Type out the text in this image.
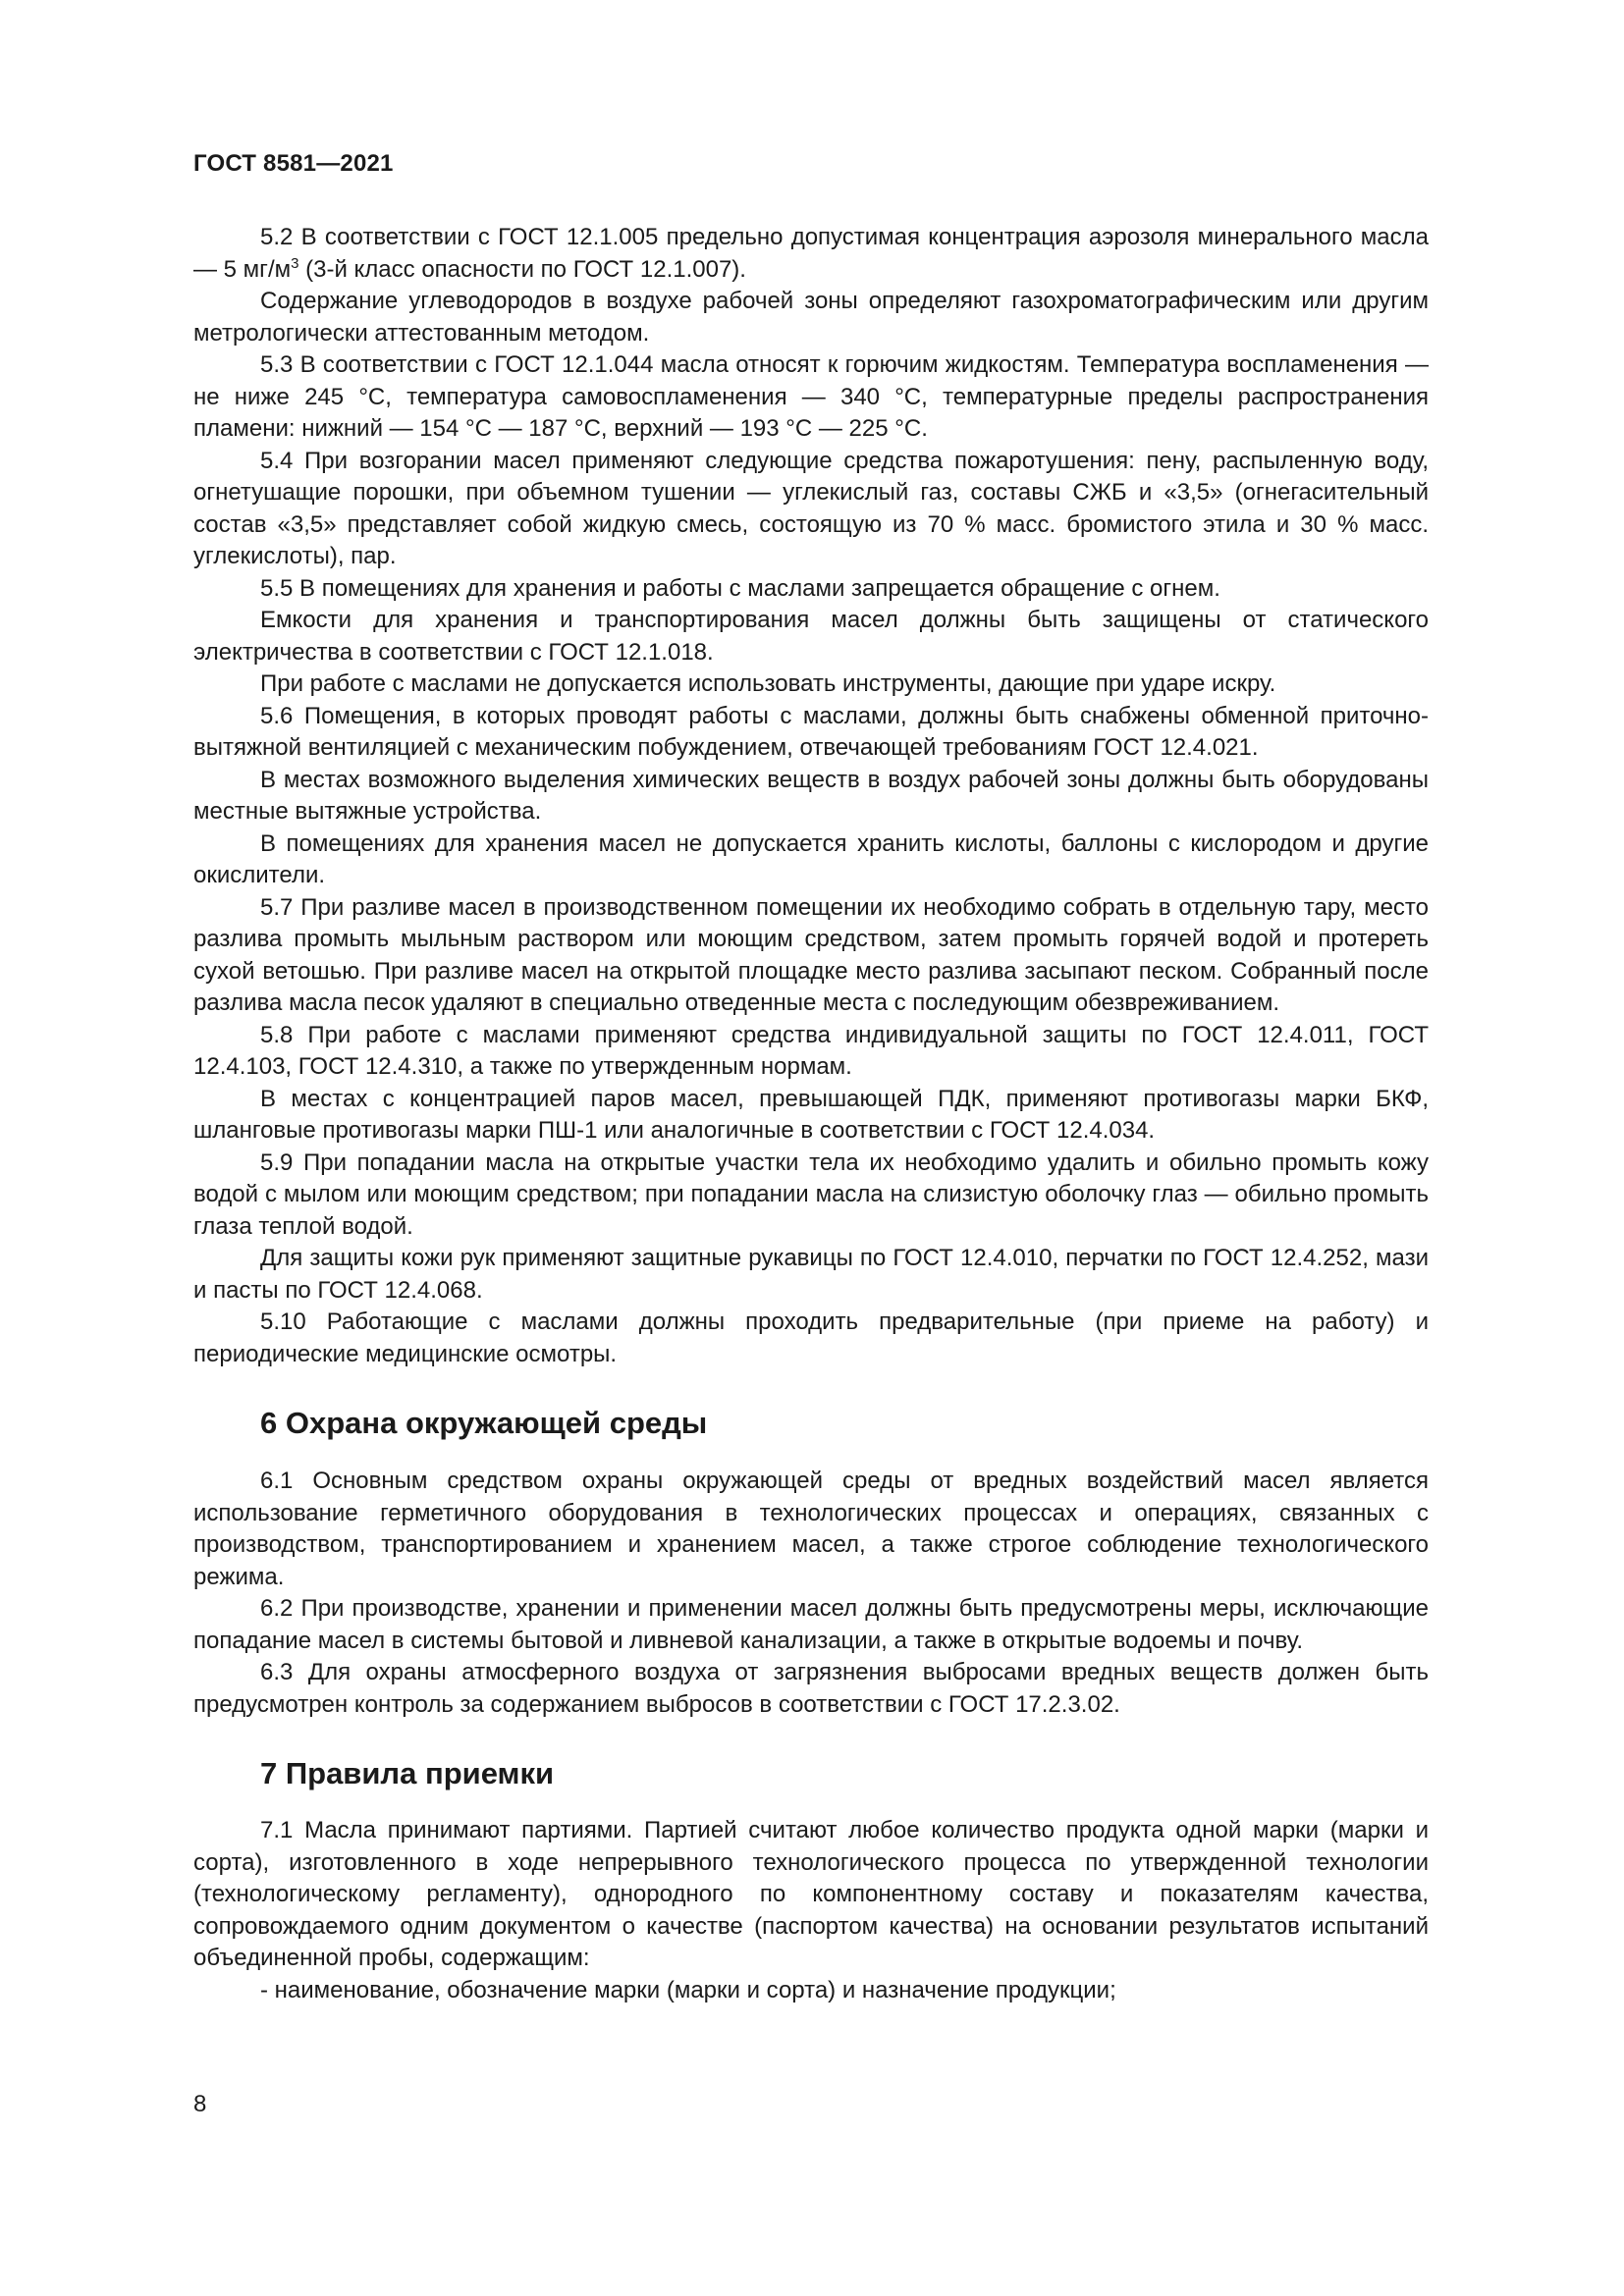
ГОСТ 8581—2021

5.2 В соответствии с ГОСТ 12.1.005 предельно допустимая концентрация аэрозоля минерального масла — 5 $мг/м^3$ (3-й класс опасности по ГОСТ 12.1.007).

Содержание углеводородов в воздухе рабочей зоны определяют газохроматографическим или другим метрологически аттестованным методом.

5.3 В соответствии с ГОСТ 12.1.044 масла относят к горючим жидкостям. Температура воспламенения — не ниже 245 °С, температура самовоспламенения — 340 °С, температурные пределы распространения пламени: нижний — 154 °С — 187 °С, верхний — 193 °С — 225 °С.

5.4 При возгорании масел применяют следующие средства пожаротушения: пену, распыленную воду, огнетушащие порошки, при объемном тушении — углекислый газ, составы СЖБ и «3,5» (огнегасительный состав «3,5» представляет собой жидкую смесь, состоящую из 70 % масс. бромистого этила и 30 % масс. углекислоты), пар.

5.5 В помещениях для хранения и работы с маслами запрещается обращение с огнем.

Емкости для хранения и транспортирования масел должны быть защищены от статического электричества в соответствии с ГОСТ 12.1.018.

При работе с маслами не допускается использовать инструменты, дающие при ударе искру.

5.6 Помещения, в которых проводят работы с маслами, должны быть снабжены обменной приточно-вытяжной вентиляцией с механическим побуждением, отвечающей требованиям ГОСТ 12.4.021.

В местах возможного выделения химических веществ в воздух рабочей зоны должны быть оборудованы местные вытяжные устройства.

В помещениях для хранения масел не допускается хранить кислоты, баллоны с кислородом и другие окислители.

5.7 При разливе масел в производственном помещении их необходимо собрать в отдельную тару, место разлива промыть мыльным раствором или моющим средством, затем промыть горячей водой и протереть сухой ветошью. При разливе масел на открытой площадке место разлива засыпают песком. Собранный после разлива масла песок удаляют в специально отведенные места с последующим обезвреживанием.

5.8 При работе с маслами применяют средства индивидуальной защиты по ГОСТ 12.4.011, ГОСТ 12.4.103, ГОСТ 12.4.310, а также по утвержденным нормам.

В местах с концентрацией паров масел, превышающей ПДК, применяют противогазы марки БКФ, шланговые противогазы марки ПШ-1 или аналогичные в соответствии с ГОСТ 12.4.034.

5.9 При попадании масла на открытые участки тела их необходимо удалить и обильно промыть кожу водой с мылом или моющим средством; при попадании масла на слизистую оболочку глаз — обильно промыть глаза теплой водой.

Для защиты кожи рук применяют защитные рукавицы по ГОСТ 12.4.010, перчатки по ГОСТ 12.4.252, мази и пасты по ГОСТ 12.4.068.

5.10 Работающие с маслами должны проходить предварительные (при приеме на работу) и периодические медицинские осмотры.

6 Охрана окружающей среды

6.1 Основным средством охраны окружающей среды от вредных воздействий масел является использование герметичного оборудования в технологических процессах и операциях, связанных с производством, транспортированием и хранением масел, а также строгое соблюдение технологического режима.

6.2 При производстве, хранении и применении масел должны быть предусмотрены меры, исключающие попадание масел в системы бытовой и ливневой канализации, а также в открытые водоемы и почву.

6.3 Для охраны атмосферного воздуха от загрязнения выбросами вредных веществ должен быть предусмотрен контроль за содержанием выбросов в соответствии с ГОСТ 17.2.3.02.

7 Правила приемки

7.1 Масла принимают партиями. Партией считают любое количество продукта одной марки (марки и сорта), изготовленного в ходе непрерывного технологического процесса по утвержденной технологии (технологическому регламенту), однородного по компонентному составу и показателям качества, сопровождаемого одним документом о качестве (паспортом качества) на основании результатов испытаний объединенной пробы, содержащим:

- наименование, обозначение марки (марки и сорта) и назначение продукции;

8
